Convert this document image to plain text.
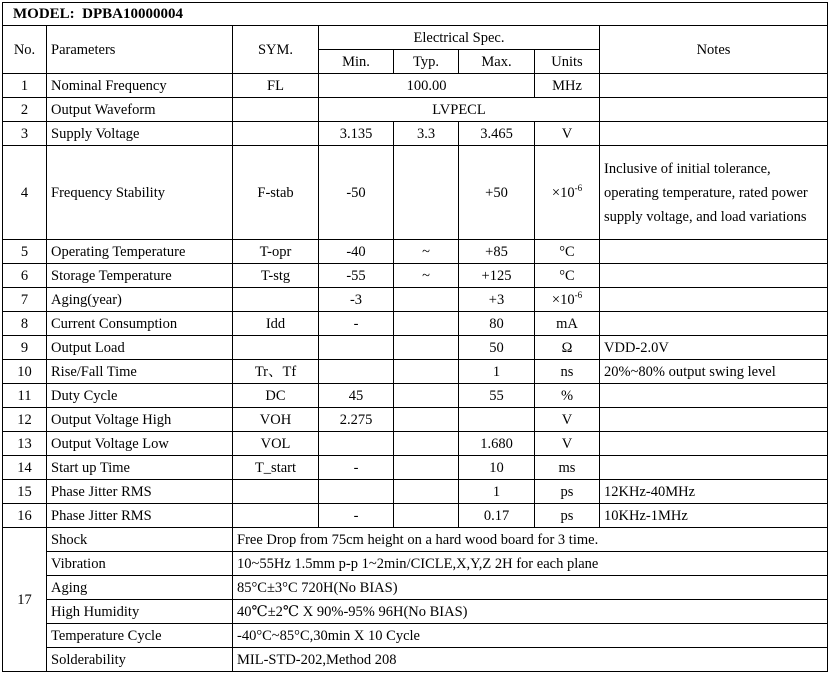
MODEL: DPBA10000004							
No.	Parameters	SYM.	Electrical Spec.				Notes
			Min.	Typ.	Max.	Units	
1	Nominal Frequency	FL	100.00			MHz	
2	Output Waveform		LVPECL				
3	Supply Voltage		3.135	3.3	3.465	V	
4	Frequency Stability	F-stab	-50		+50	$\times 10^{-6}$	Inclusive of initial tolerance, operating temperature, rated power supply voltage, and load variations
5	Operating Temperature	T-opr	-40	~	+85	°C	
6	Storage Temperature	T-stg	-55	~	+125	°C	
7	Aging(year)		-3		+3	$\times 10^{-6}$	
8	Current Consumption	Idd	-		80	mA	
9	Output Load				50	Ω	VDD-2.0V
10	Rise/Fall Time	Tr、Tf			1	ns	20%~80% output swing level
11	Duty Cycle	DC	45		55	%	
12	Output Voltage High	VOH	2.275			V	
13	Output Voltage Low	VOL			1.680	V	
14	Start up Time	T_start	-		10	ms	
15	Phase Jitter RMS				1	ps	12KHz-40MHz
16	Phase Jitter RMS		-		0.17	ps	10KHz-1MHz
17	Shock	Free Drop from 75cm height on a hard wood board for 3 time.					
	Vibration	10~55Hz 1.5mm p-p 1~2min/CICLE,X,Y,Z 2H for each plane					
	Aging	85°C±3°C 720H(No BIAS)					
	High Humidity	40℃±2℃ X 90%-95% 96H(No BIAS)					
	Temperature Cycle	-40°C~85°C,30min X 10 Cycle					
	Solderability	MIL-STD-202,Method 208					
